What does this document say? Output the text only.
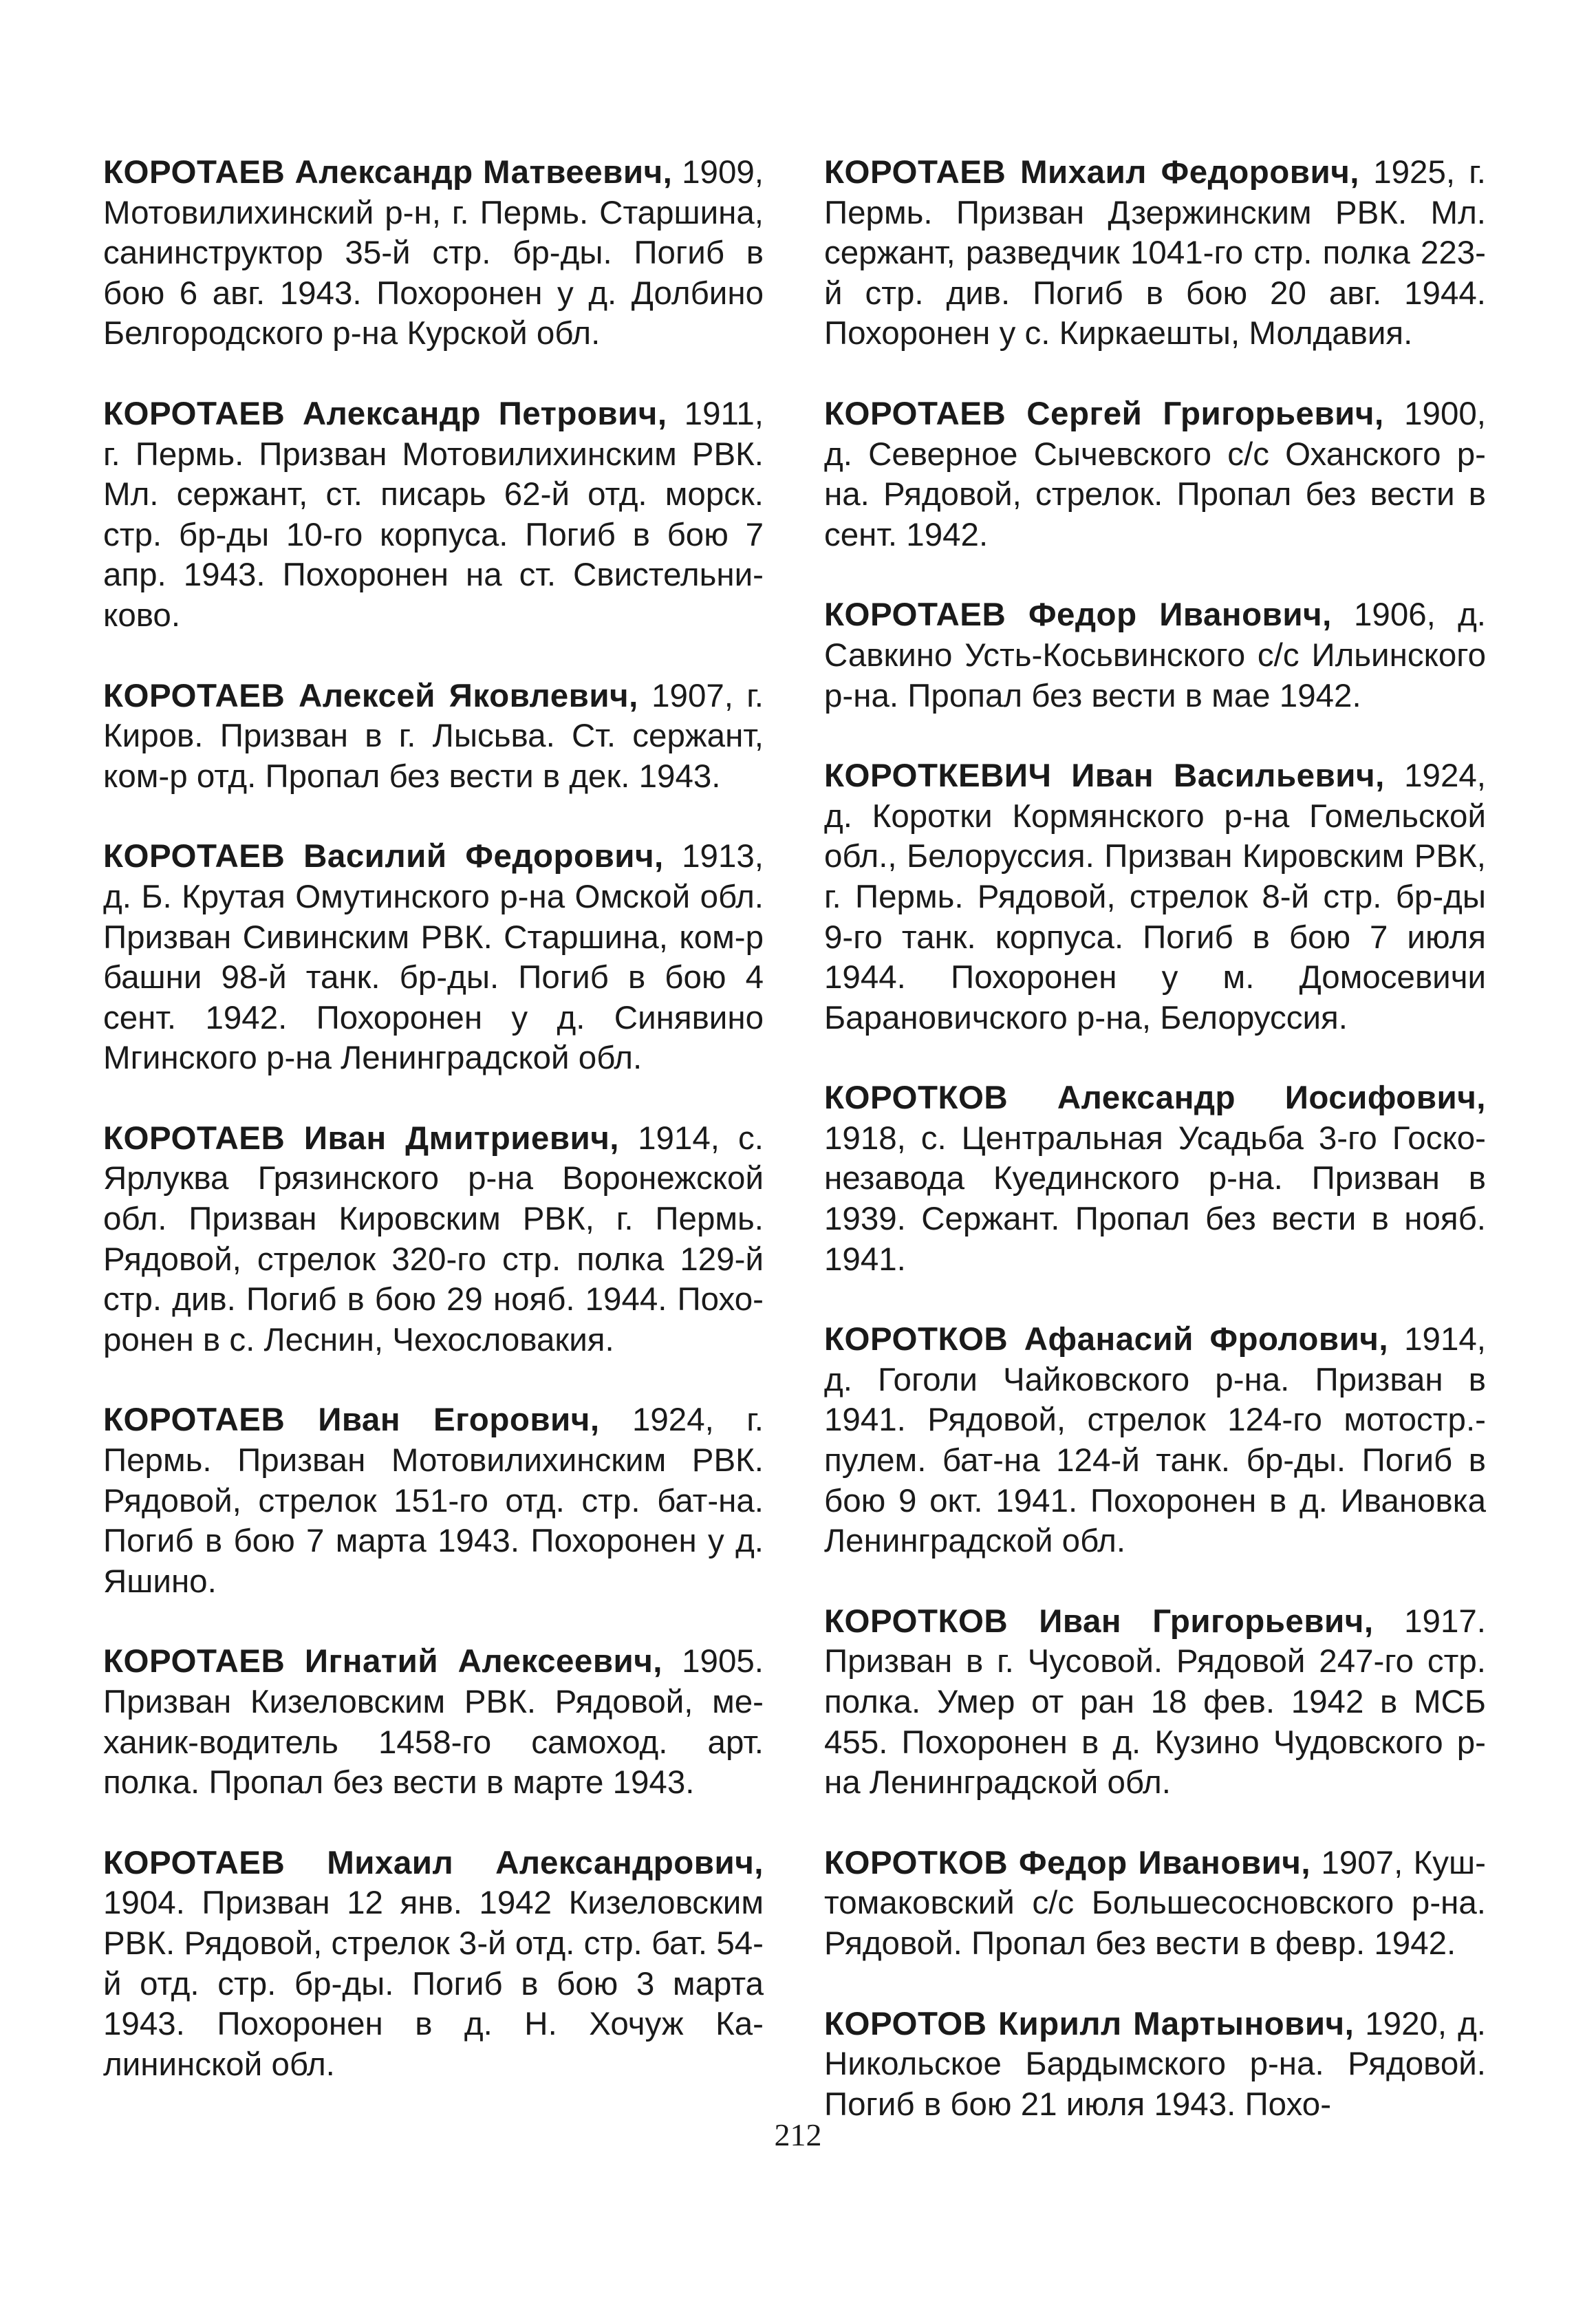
КОРОТАЕВ Александр Матвеевич, 1909, Мотовилихинский р-н, г. Пермь. Старшина, санинструктор 35-й стр. бр-ды. Погиб в бою 6 авг. 1943. Похоронен у д. Долбино Белгородского р-на Курской обл.

КОРОТАЕВ Александр Петрович, 1911, г. Пермь. Призван Мотовилихинским РВК. Мл. сержант, ст. писарь 62-й отд. морск. стр. бр-ды 10-го корпуса. Погиб в бою 7 апр. 1943. Похоронен на ст. Свистельниково.

КОРОТАЕВ Алексей Яковлевич, 1907, г. Киров. Призван в г. Лысьва. Ст. сержант, ком-р отд. Пропал без вести в дек. 1943.

КОРОТАЕВ Василий Федорович, 1913, д. Б. Крутая Омутинского р-на Омской обл. Призван Сивинским РВК. Старшина, ком-р башни 98-й танк. бр-ды. Погиб в бою 4 сент. 1942. Похоронен у д. Синявино Мгинского р-на Ленинградской обл.

КОРОТАЕВ Иван Дмитриевич, 1914, с. Ярлуква Грязинского р-на Воронежской обл. Призван Кировским РВК, г. Пермь. Рядовой, стрелок 320-го стр. полка 129-й стр. див. Погиб в бою 29 нояб. 1944. Похоронен в с. Леснин, Чехословакия.

КОРОТАЕВ Иван Егорович, 1924, г. Пермь. Призван Мотовилихинским РВК. Рядовой, стрелок 151-го отд. стр. бат-на. Погиб в бою 7 марта 1943. Похоронен у д. Яшино.

КОРОТАЕВ Игнатий Алексеевич, 1905. Призван Кизеловским РВК. Рядовой, механик-водитель 1458-го самоход. арт. полка. Пропал без вести в марте 1943.

КОРОТАЕВ Михаил Александрович, 1904. Призван 12 янв. 1942 Кизеловским РВК. Рядовой, стрелок 3-й отд. стр. бат. 54-й отд. стр. бр-ды. Погиб в бою 3 марта 1943. Похоронен в д. Н. Хочуж Калининской обл.

КОРОТАЕВ Михаил Федорович, 1925, г. Пермь. Призван Дзержинским РВК. Мл. сержант, разведчик 1041-го стр. полка 223-й стр. див. Погиб в бою 20 авг. 1944. Похоронен у с. Киркаешты, Молдавия.

КОРОТАЕВ Сергей Григорьевич, 1900, д. Северное Сычевского с/с Оханского р-на. Рядовой, стрелок. Пропал без вести в сент. 1942.

КОРОТАЕВ Федор Иванович, 1906, д. Савкино Усть-Косьвинского с/с Ильинского р-на. Пропал без вести в мае 1942.

КОРОТКЕВИЧ Иван Васильевич, 1924, д. Коротки Кормянского р-на Гомельской обл., Белоруссия. Призван Кировским РВК, г. Пермь. Рядовой, стрелок 8-й стр. бр-ды 9-го танк. корпуса. Погиб в бою 7 июля 1944. Похоронен у м. Домосевичи Барановичского р-на, Белоруссия.

КОРОТКОВ Александр Иосифович, 1918, с. Центральная Усадьба 3-го Госконезавода Куединского р-на. Призван в 1939. Сержант. Пропал без вести в нояб. 1941.

КОРОТКОВ Афанасий Фролович, 1914, д. Гоголи Чайковского р-на. Призван в 1941. Рядовой, стрелок 124-го мотостр.-пулем. бат-на 124-й танк. бр-ды. Погиб в бою 9 окт. 1941. Похоронен в д. Ивановка Ленинградской обл.

КОРОТКОВ Иван Григорьевич, 1917. Призван в г. Чусовой. Рядовой 247-го стр. полка. Умер от ран 18 фев. 1942 в МСБ 455. Похоронен в д. Кузино Чудовского р-на Ленинградской обл.

КОРОТКОВ Федор Иванович, 1907, Куштомаковский с/с Большесосновского р-на. Рядовой. Пропал без вести в февр. 1942.

КОРОТОВ Кирилл Мартынович, 1920, д. Никольское Бардымского р-на. Рядовой. Погиб в бою 21 июля 1943. Похо-

212
